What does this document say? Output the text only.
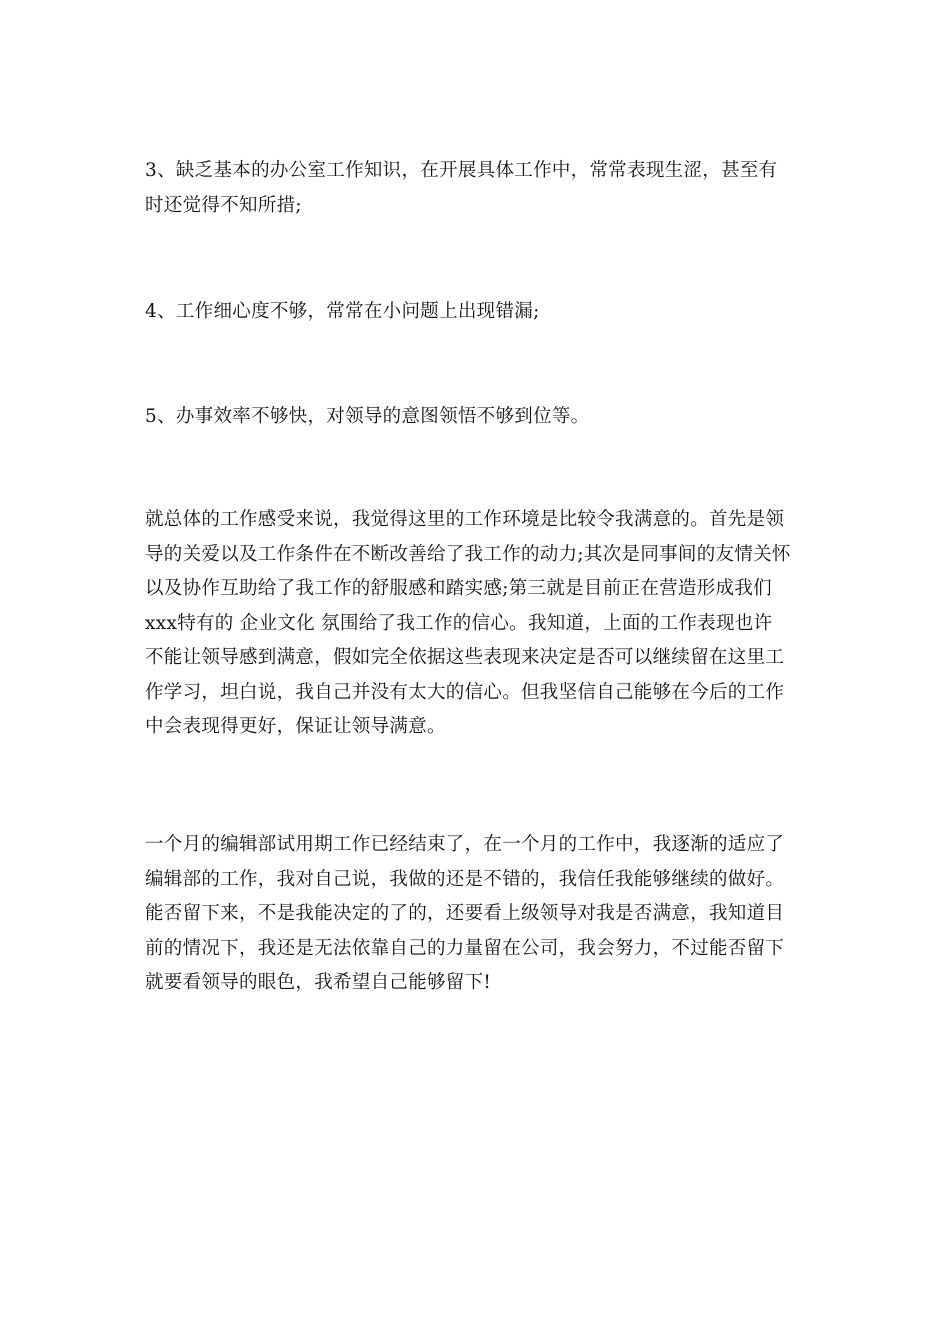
3、缺乏基本的办公室工作知识，在开展具体工作中，常常表现生涩，甚至有
时还觉得不知所措;

4、工作细心度不够，常常在小问题上出现错漏;

5、办事效率不够快，对领导的意图领悟不够到位等。

就总体的工作感受来说，我觉得这里的工作环境是比较令我满意的。首先是领
导的关爱以及工作条件在不断改善给了我工作的动力;其次是同事间的友情关怀
以及协作互助给了我工作的舒服感和踏实感;第三就是目前正在营造形成我们
xxx特有的 企业文化 氛围给了我工作的信心。我知道，上面的工作表现也许
不能让领导感到满意，假如完全依据这些表现来决定是否可以继续留在这里工
作学习，坦白说，我自己并没有太大的信心。但我坚信自己能够在今后的工作
中会表现得更好，保证让领导满意。

一个月的编辑部试用期工作已经结束了，在一个月的工作中，我逐渐的适应了
编辑部的工作，我对自己说，我做的还是不错的，我信任我能够继续的做好。
能否留下来，不是我能决定的了的，还要看上级领导对我是否满意，我知道目
前的情况下，我还是无法依靠自己的力量留在公司，我会努力，不过能否留下
就要看领导的眼色，我希望自己能够留下!
